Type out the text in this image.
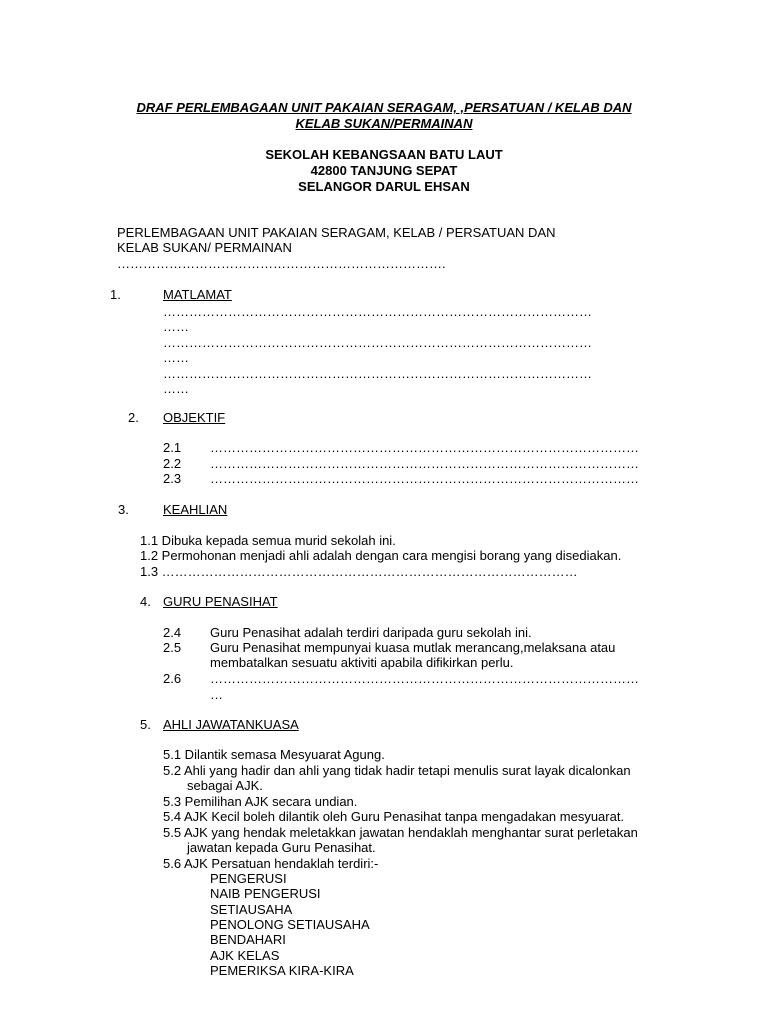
DRAF PERLEMBAGAAN UNIT PAKAIAN SERAGAM, ,PERSATUAN / KELAB DAN
KELAB SUKAN/PERMAINAN
SEKOLAH KEBANGSAAN BATU LAUT
42800 TANJUNG SEPAT
SELANGOR DARUL EHSAN
PERLEMBAGAAN UNIT PAKAIAN SERAGAM, KELAB / PERSATUAN DAN
KELAB SUKAN/ PERMAINAN
………………………………………………………………….
1.	MATLAMAT
………………………………………………………………………………………
……
………………………………………………………………………………………
……
………………………………………………………………………………………
……
2. OBJEKTIF
2.1 ………………………………………………………………………………………
2.2 ………………………………………………………………………………………
2.3 ………………………………………………………………………………………
3.	KEAHLIAN
1.1 Dibuka kepada semua murid sekolah ini.
1.2 Permohonan menjadi ahli adalah dengan cara mengisi borang yang disediakan.
1.3 ……………………………………………………………………………………
4. GURU PENASIHAT
2.4 Guru Penasihat adalah terdiri daripada guru sekolah ini.
2.5 Guru Penasihat mempunyai kuasa mutlak merancang,melaksana atau
membatalkan sesuatu aktiviti apabila difikirkan perlu.
2.6 ………………………………………………………………………………………
…
5. AHLI JAWATANKUASA
5.1 Dilantik semasa Mesyuarat Agung.
5.2 Ahli yang hadir dan ahli yang tidak hadir tetapi menulis surat layak dicalonkan
sebagai AJK.
5.3 Pemilihan AJK secara undian.
5.4 AJK Kecil boleh dilantik oleh Guru Penasihat tanpa mengadakan mesyuarat.
5.5 AJK yang hendak meletakkan jawatan hendaklah menghantar surat perletakan
jawatan kepada Guru Penasihat.
5.6 AJK Persatuan hendaklah terdiri:-
PENGERUSI
NAIB PENGERUSI
SETIAUSAHA
PENOLONG SETIAUSAHA
BENDAHARI
AJK KELAS
PEMERIKSA KIRA-KIRA
